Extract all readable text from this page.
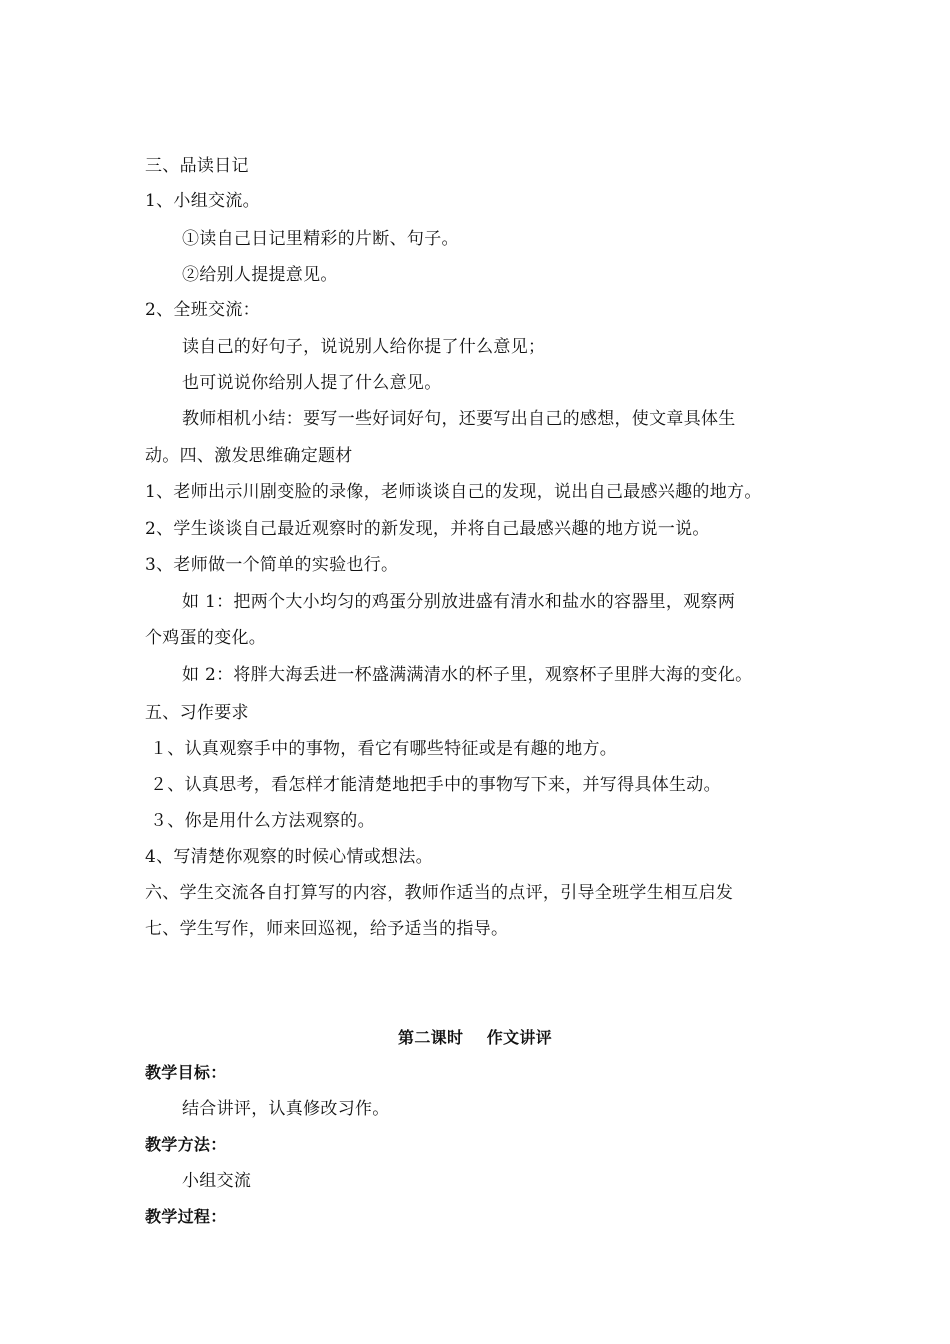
三、品读日记
1、小组交流。
①读自己日记里精彩的片断、句子。
②给别人提提意见。
2、全班交流：
读自己的好句子，说说别人给你提了什么意见；
也可说说你给别人提了什么意见。
教师相机小结：要写一些好词好句，还要写出自己的感想，使文章具体生
动。四、激发思维确定题材
1、老师出示川剧变脸的录像，老师谈谈自己的发现，说出自己最感兴趣的地方。
2、学生谈谈自己最近观察时的新发现，并将自己最感兴趣的地方说一说。
3、老师做一个简单的实验也行。
如 1：把两个大小均匀的鸡蛋分别放进盛有清水和盐水的容器里，观察两
个鸡蛋的变化。
如 2：将胖大海丢进一杯盛满满清水的杯子里，观察杯子里胖大海的变化。
五、习作要求
１、认真观察手中的事物，看它有哪些特征或是有趣的地方。
２、认真思考，看怎样才能清楚地把手中的事物写下来，并写得具体生动。
３、你是用什么方法观察的。
4、写清楚你观察的时候心情或想法。
六、学生交流各自打算写的内容，教师作适当的点评，引导全班学生相互启发
七、学生写作，师来回巡视，给予适当的指导。
第二课时    作文讲评
教学目标：
结合讲评，认真修改习作。
教学方法：
小组交流
教学过程：
